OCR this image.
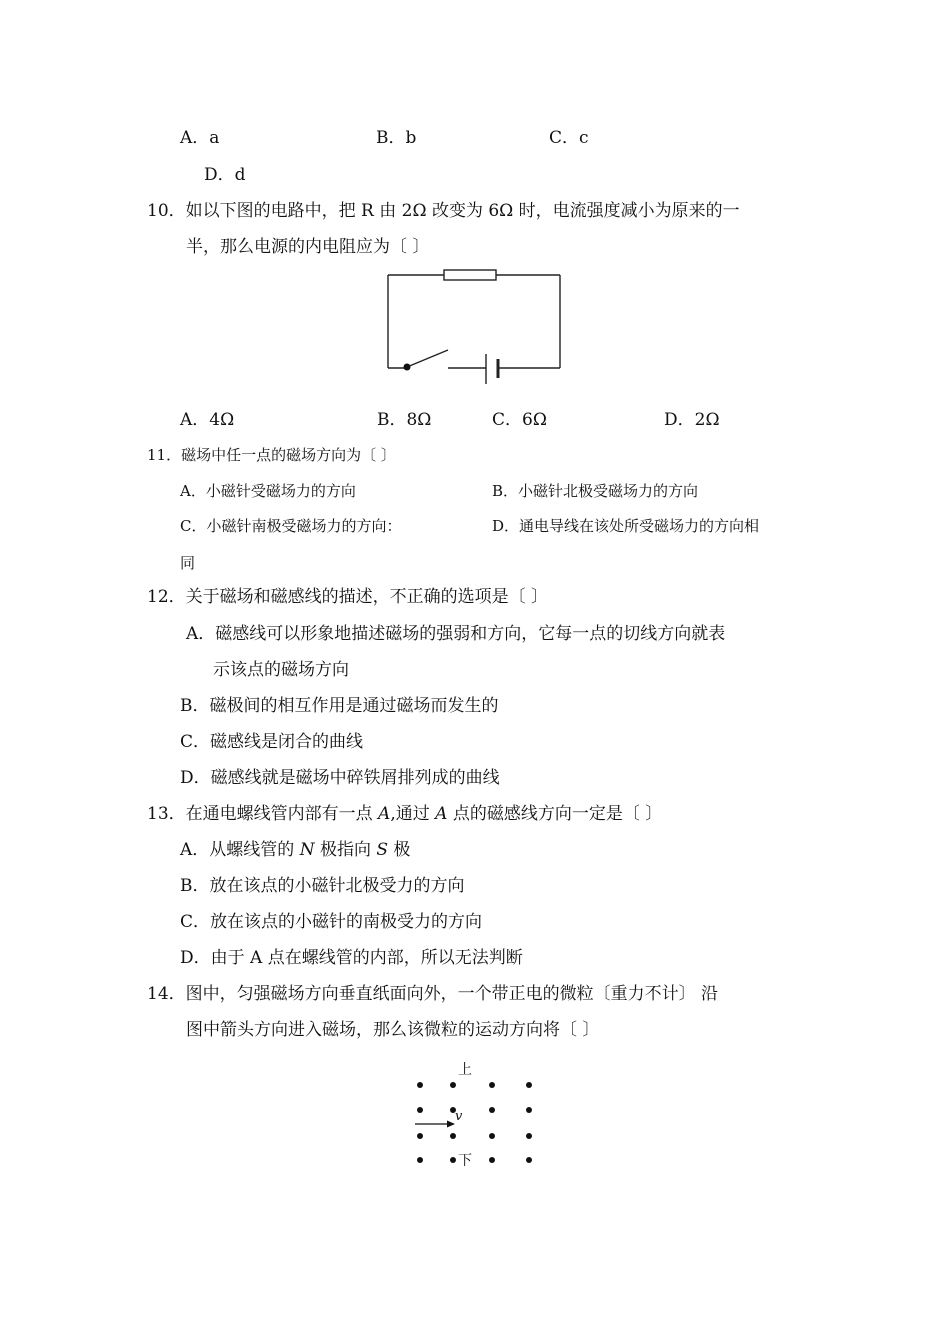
A．a	B．b	C．c
D．d
10．如以下图的电路中，把 R 由 2Ω 改变为 6Ω 时，电流强度减小为原来的一
半，那么电源的内电阻应为〔 〕
A．4Ω	B．8Ω	C．6Ω	D．2Ω
11．磁场中任一点的磁场方向为〔 〕
A．小磁针受磁场力的方向	B．小磁针北极受磁场力的方向
C．小磁针南极受磁场力的方向：	D．通电导线在该处所受磁场力的方向相
同
12．关于磁场和磁感线的描述，不正确的选项是〔 〕
A．磁感线可以形象地描述磁场的强弱和方向，它每一点的切线方向就表
示该点的磁场方向
B．磁极间的相互作用是通过磁场而发生的
C．磁感线是闭合的曲线
D．磁感线就是磁场中碎铁屑排列成的曲线
13．在通电螺线管内部有一点 A,通过 A 点的磁感线方向一定是〔 〕
A．从螺线管的 N 极指向 S 极
B．放在该点的小磁针北极受力的方向
C．放在该点的小磁针的南极受力的方向
D．由于 A 点在螺线管的内部，所以无法判断
14．图中，匀强磁场方向垂直纸面向外，一个带正电的微粒〔重力不计〕 沿
图中箭头方向进入磁场，那么该微粒的运动方向将〔 〕
上
v
下
